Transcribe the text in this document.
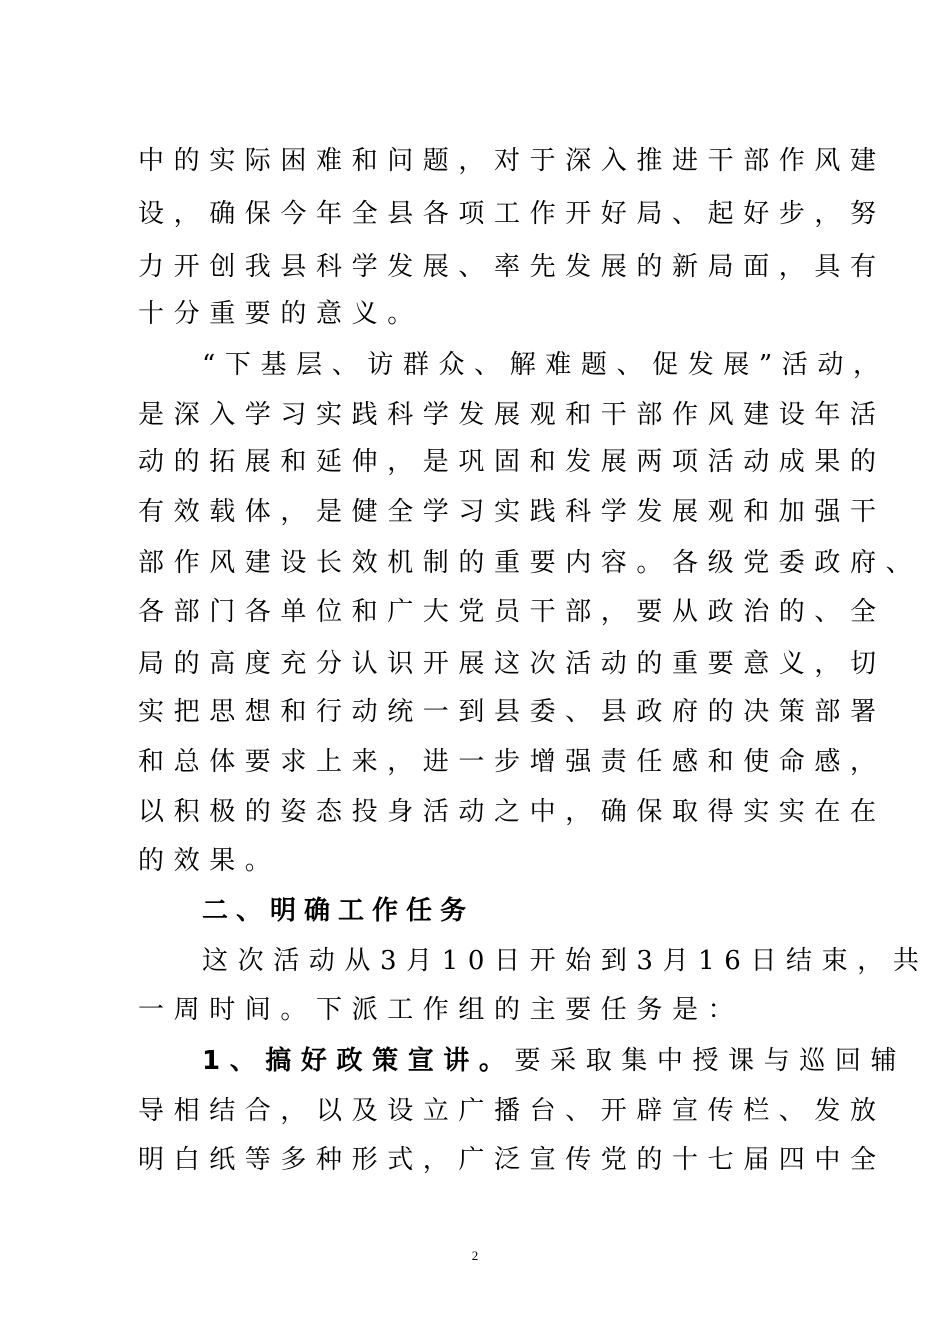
中的实际困难和问题，对于深入推进干部作风建
设，确保今年全县各项工作开好局、起好步，努
力开创我县科学发展、率先发展的新局面，具有
十分重要的意义。
“下基层、访群众、解难题、促发展”活动，
是深入学习实践科学发展观和干部作风建设年活
动的拓展和延伸，是巩固和发展两项活动成果的
有效载体，是健全学习实践科学发展观和加强干
部作风建设长效机制的重要内容。各级党委政府、
各部门各单位和广大党员干部，要从政治的、全
局的高度充分认识开展这次活动的重要意义，切
实把思想和行动统一到县委、县政府的决策部署
和总体要求上来，进一步增强责任感和使命感，
以积极的姿态投身活动之中，确保取得实实在在
的效果。
二、明确工作任务
这次活动从3月10日开始到3月16日结束，共
一周时间。下派工作组的主要任务是：
1、搞好政策宣讲。要采取集中授课与巡回辅
导相结合，以及设立广播台、开辟宣传栏、发放
明白纸等多种形式，广泛宣传党的十七届四中全
2
